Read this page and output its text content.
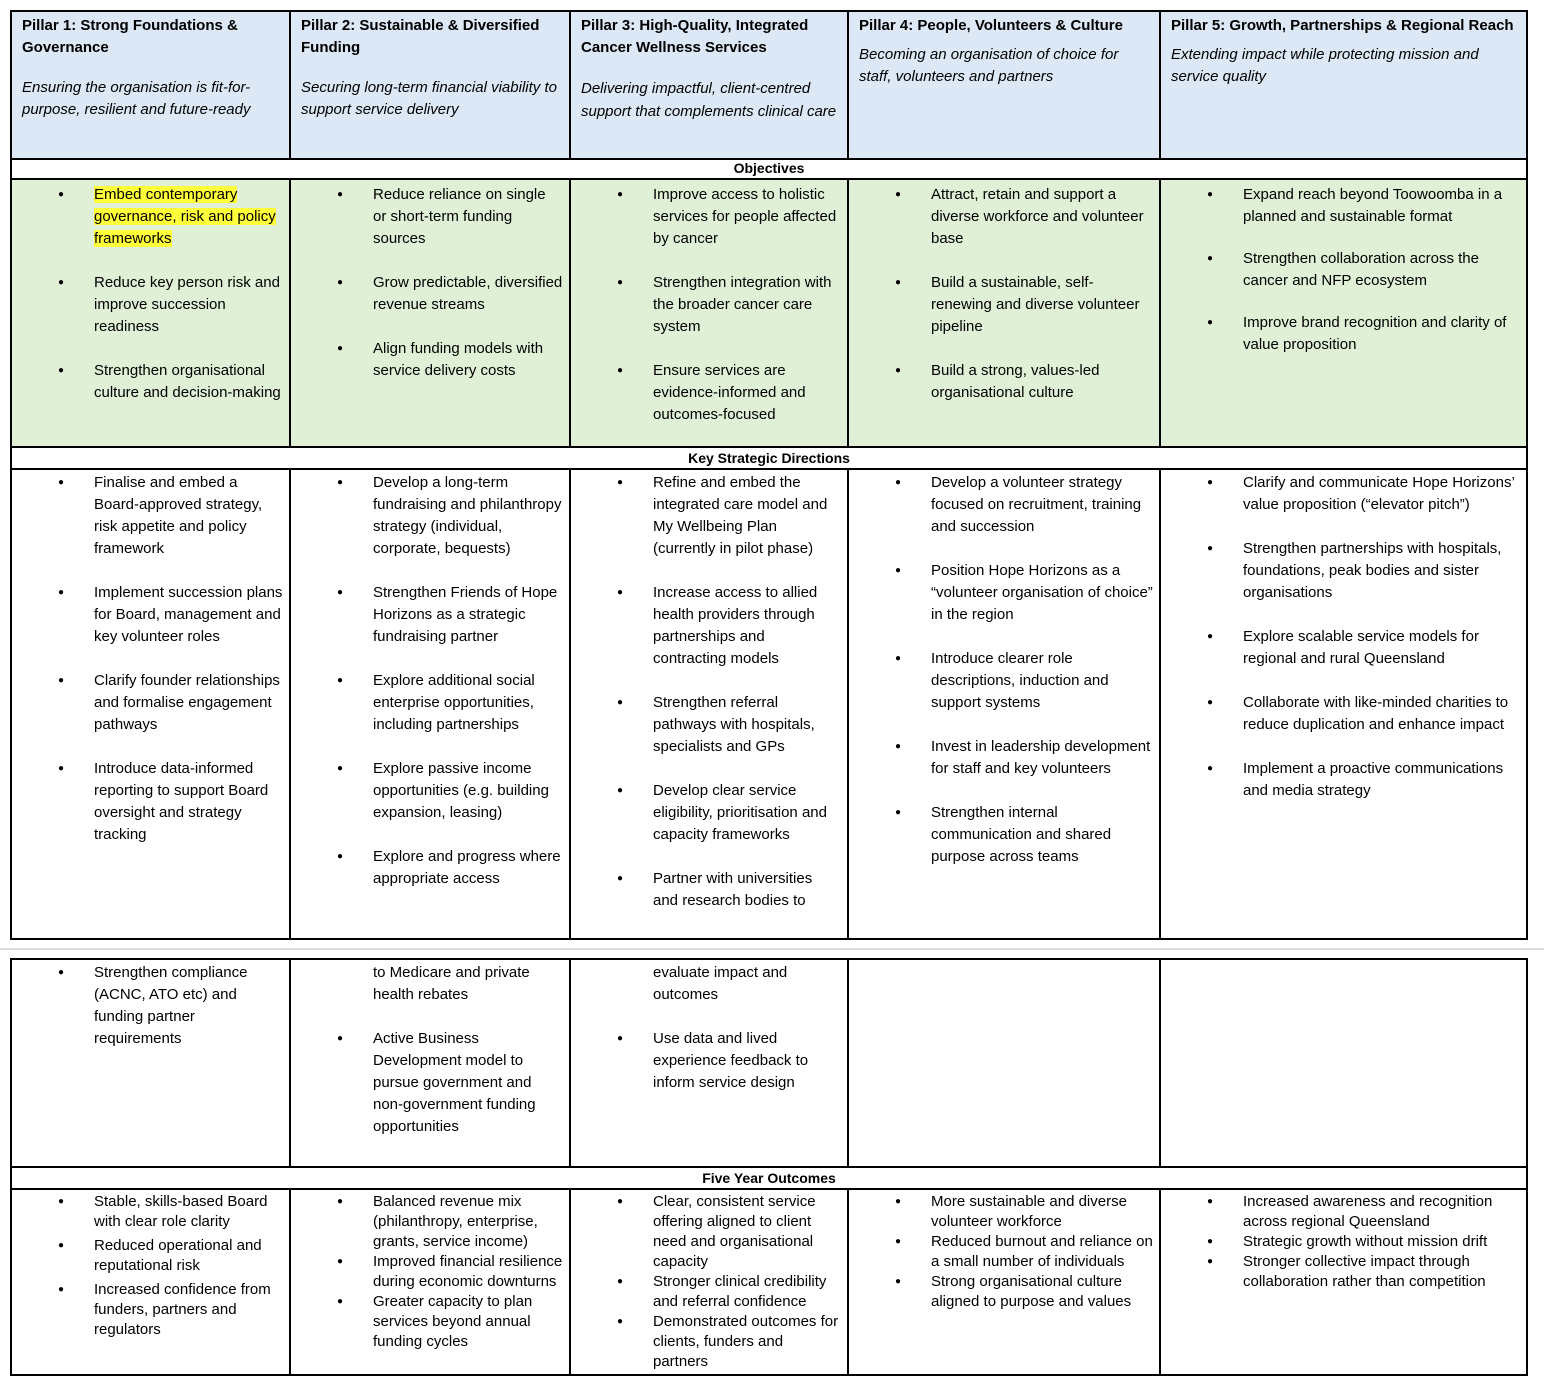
Pillar 1: Strong Foundations & Governance
Ensuring the organisation is fit-for-purpose, resilient and future-ready
Pillar 2: Sustainable & Diversified Funding
Securing long-term financial viability to support service delivery
Pillar 3: High-Quality, Integrated Cancer Wellness Services
Delivering impactful, client-centred support that complements clinical care
Pillar 4: People, Volunteers & Culture
Becoming an organisation of choice for staff, volunteers and partners
Pillar 5: Growth, Partnerships & Regional Reach
Extending impact while protecting mission and service quality
Objectives
● Embed contemporary governance, risk and policy frameworks
● Reduce key person risk and improve succession readiness
● Strengthen organisational culture and decision-making
● Reduce reliance on single or short-term funding sources
● Grow predictable, diversified revenue streams
● Align funding models with service delivery costs
● Improve access to holistic services for people affected by cancer
● Strengthen integration with the broader cancer care system
● Ensure services are evidence-informed and outcomes-focused
● Attract, retain and support a diverse workforce and volunteer base
● Build a sustainable, self-renewing and diverse volunteer pipeline
● Build a strong, values-led organisational culture
● Expand reach beyond Toowoomba in a planned and sustainable format
● Strengthen collaboration across the cancer and NFP ecosystem
● Improve brand recognition and clarity of value proposition
Key Strategic Directions
● Finalise and embed a Board-approved strategy, risk appetite and policy framework
● Implement succession plans for Board, management and key volunteer roles
● Clarify founder relationships and formalise engagement pathways
● Introduce data-informed reporting to support Board oversight and strategy tracking
● Develop a long-term fundraising and philanthropy strategy (individual, corporate, bequests)
● Strengthen Friends of Hope Horizons as a strategic fundraising partner
● Explore additional social enterprise opportunities, including partnerships
● Explore passive income opportunities (e.g. building expansion, leasing)
● Explore and progress where appropriate access
● Refine and embed the integrated care model and My Wellbeing Plan (currently in pilot phase)
● Increase access to allied health providers through partnerships and contracting models
● Strengthen referral pathways with hospitals, specialists and GPs
● Develop clear service eligibility, prioritisation and capacity frameworks
● Partner with universities and research bodies to
● Develop a volunteer strategy focused on recruitment, training and succession
● Position Hope Horizons as a “volunteer organisation of choice” in the region
● Introduce clearer role descriptions, induction and support systems
● Invest in leadership development for staff and key volunteers
● Strengthen internal communication and shared purpose across teams
● Clarify and communicate Hope Horizons’ value proposition (“elevator pitch”)
● Strengthen partnerships with hospitals, foundations, peak bodies and sister organisations
● Explore scalable service models for regional and rural Queensland
● Collaborate with like-minded charities to reduce duplication and enhance impact
● Implement a proactive communications and media strategy
● Strengthen compliance (ACNC, ATO etc) and funding partner requirements
to Medicare and private health rebates
● Active Business Development model to pursue government and non-government funding opportunities
evaluate impact and outcomes
● Use data and lived experience feedback to inform service design
Five Year Outcomes
● Stable, skills-based Board with clear role clarity
● Reduced operational and reputational risk
● Increased confidence from funders, partners and regulators
● Balanced revenue mix (philanthropy, enterprise, grants, service income)
● Improved financial resilience during economic downturns
● Greater capacity to plan services beyond annual funding cycles
● Clear, consistent service offering aligned to client need and organisational capacity
● Stronger clinical credibility and referral confidence
● Demonstrated outcomes for clients, funders and partners
● More sustainable and diverse volunteer workforce
● Reduced burnout and reliance on a small number of individuals
● Strong organisational culture aligned to purpose and values
● Increased awareness and recognition across regional Queensland
● Strategic growth without mission drift
● Stronger collective impact through collaboration rather than competition
